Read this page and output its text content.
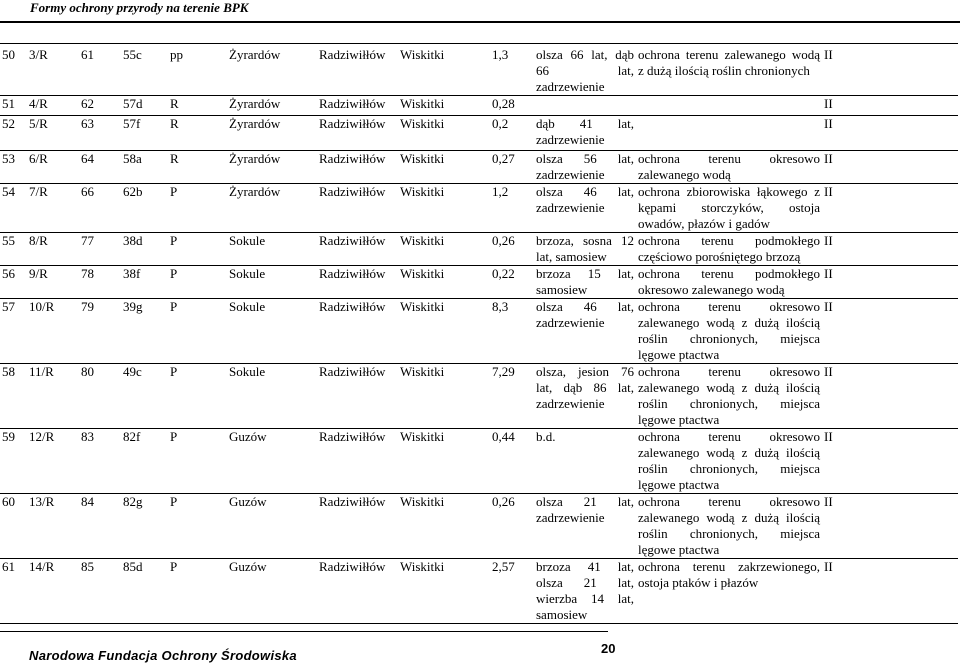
Formy ochrony przyrody na terenie BPK
50	3/R	61	55c	pp	Żyrardów	Radziwiłłów	Wiskitki	1,3	olsza 66 lat, dąb 66 lat, zadrzewienie	ochrona terenu zalewanego wodą z dużą ilością roślin chronionych	II
51	4/R	62	57d	R	Żyrardów	Radziwiłłów	Wiskitki	0,28			II
52	5/R	63	57f	R	Żyrardów	Radziwiłłów	Wiskitki	0,2	dąb 41 lat, zadrzewienie		II
53	6/R	64	58a	R	Żyrardów	Radziwiłłów	Wiskitki	0,27	olsza 56 lat, zadrzewienie	ochrona terenu okresowo zalewanego wodą	II
54	7/R	66	62b	P	Żyrardów	Radziwiłłów	Wiskitki	1,2	olsza 46 lat, zadrzewienie	ochrona zbiorowiska łąkowego z kępami storczyków, ostoja owadów, płazów i gadów	II
55	8/R	77	38d	P	Sokule	Radziwiłłów	Wiskitki	0,26	brzoza, sosna 12 lat, samosiew	ochrona terenu podmokłego częściowo porośniętego brzozą	II
56	9/R	78	38f	P	Sokule	Radziwiłłów	Wiskitki	0,22	brzoza 15 lat, samosiew	ochrona terenu podmokłego okresowo zalewanego wodą	II
57	10/R	79	39g	P	Sokule	Radziwiłłów	Wiskitki	8,3	olsza 46 lat, zadrzewienie	ochrona terenu okresowo zalewanego wodą z dużą ilością roślin chronionych, miejsca lęgowe ptactwa	II
58	11/R	80	49c	P	Sokule	Radziwiłłów	Wiskitki	7,29	olsza, jesion 76 lat, dąb 86 lat, zadrzewienie	ochrona terenu okresowo zalewanego wodą z dużą ilością roślin chronionych, miejsca lęgowe ptactwa	II
59	12/R	83	82f	P	Guzów	Radziwiłłów	Wiskitki	0,44	b.d.	ochrona terenu okresowo zalewanego wodą z dużą ilością roślin chronionych, miejsca lęgowe ptactwa	II
60	13/R	84	82g	P	Guzów	Radziwiłłów	Wiskitki	0,26	olsza 21 lat, zadrzewienie	ochrona terenu okresowo zalewanego wodą z dużą ilością roślin chronionych, miejsca lęgowe ptactwa	II
61	14/R	85	85d	P	Guzów	Radziwiłłów	Wiskitki	2,57	brzoza 41 lat, olsza 21 lat, wierzba 14 lat, samosiew	ochrona terenu zakrzewionego, ostoja ptaków i płazów	II
Narodowa Fundacja Ochrony Środowiska	20
